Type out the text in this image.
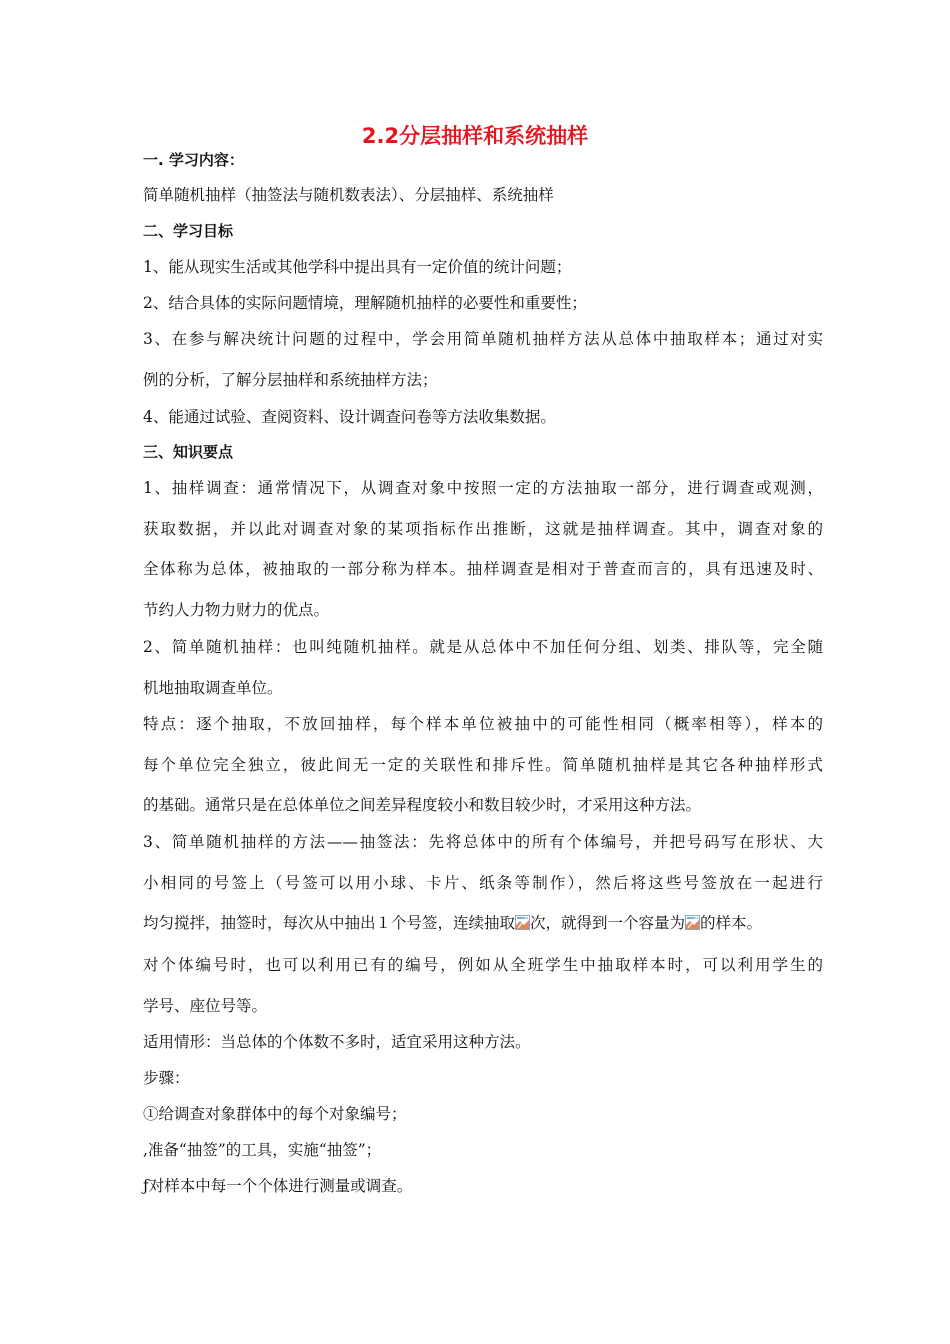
2.2分层抽样和系统抽样

一. 学习内容：

简单随机抽样（抽签法与随机数表法）、分层抽样、系统抽样

二、学习目标

1、能从现实生活或其他学科中提出具有一定价值的统计问题；

2、结合具体的实际问题情境，理解随机抽样的必要性和重要性；

3、在参与解决统计问题的过程中，学会用简单随机抽样方法从总体中抽取样本；通过对实

例的分析，了解分层抽样和系统抽样方法；

4、能通过试验、查阅资料、设计调查问卷等方法收集数据。

三、知识要点

1、抽样调查：通常情况下，从调查对象中按照一定的方法抽取一部分，进行调查或观测，

获取数据，并以此对调查对象的某项指标作出推断，这就是抽样调查。其中，调查对象的

全体称为总体，被抽取的一部分称为样本。抽样调查是相对于普查而言的，具有迅速及时、

节约人力物力财力的优点。

2、简单随机抽样：也叫纯随机抽样。就是从总体中不加任何分组、划类、排队等，完全随

机地抽取调查单位。

特点：逐个抽取，不放回抽样，每个样本单位被抽中的可能性相同（概率相等），样本的

每个单位完全独立，彼此间无一定的关联性和排斥性。简单随机抽样是其它各种抽样形式

的基础。通常只是在总体单位之间差异程度较小和数目较少时，才采用这种方法。

3、简单随机抽样的方法——抽签法：先将总体中的所有个体编号，并把号码写在形状、大

小相同的号签上（号签可以用小球、卡片、纸条等制作），然后将这些号签放在一起进行

均匀搅拌，抽签时，每次从中抽出１个号签，连续抽取 次，就得到一个容量为 的样本。

对个体编号时，也可以利用已有的编号，例如从全班学生中抽取样本时，可以利用学生的

学号、座位号等。

适用情形：当总体的个体数不多时，适宜采用这种方法。

步骤：

①给调查对象群体中的每个对象编号；

,准备“抽签”的工具，实施“抽签”；

ƒ对样本中每一个个体进行测量或调查。
